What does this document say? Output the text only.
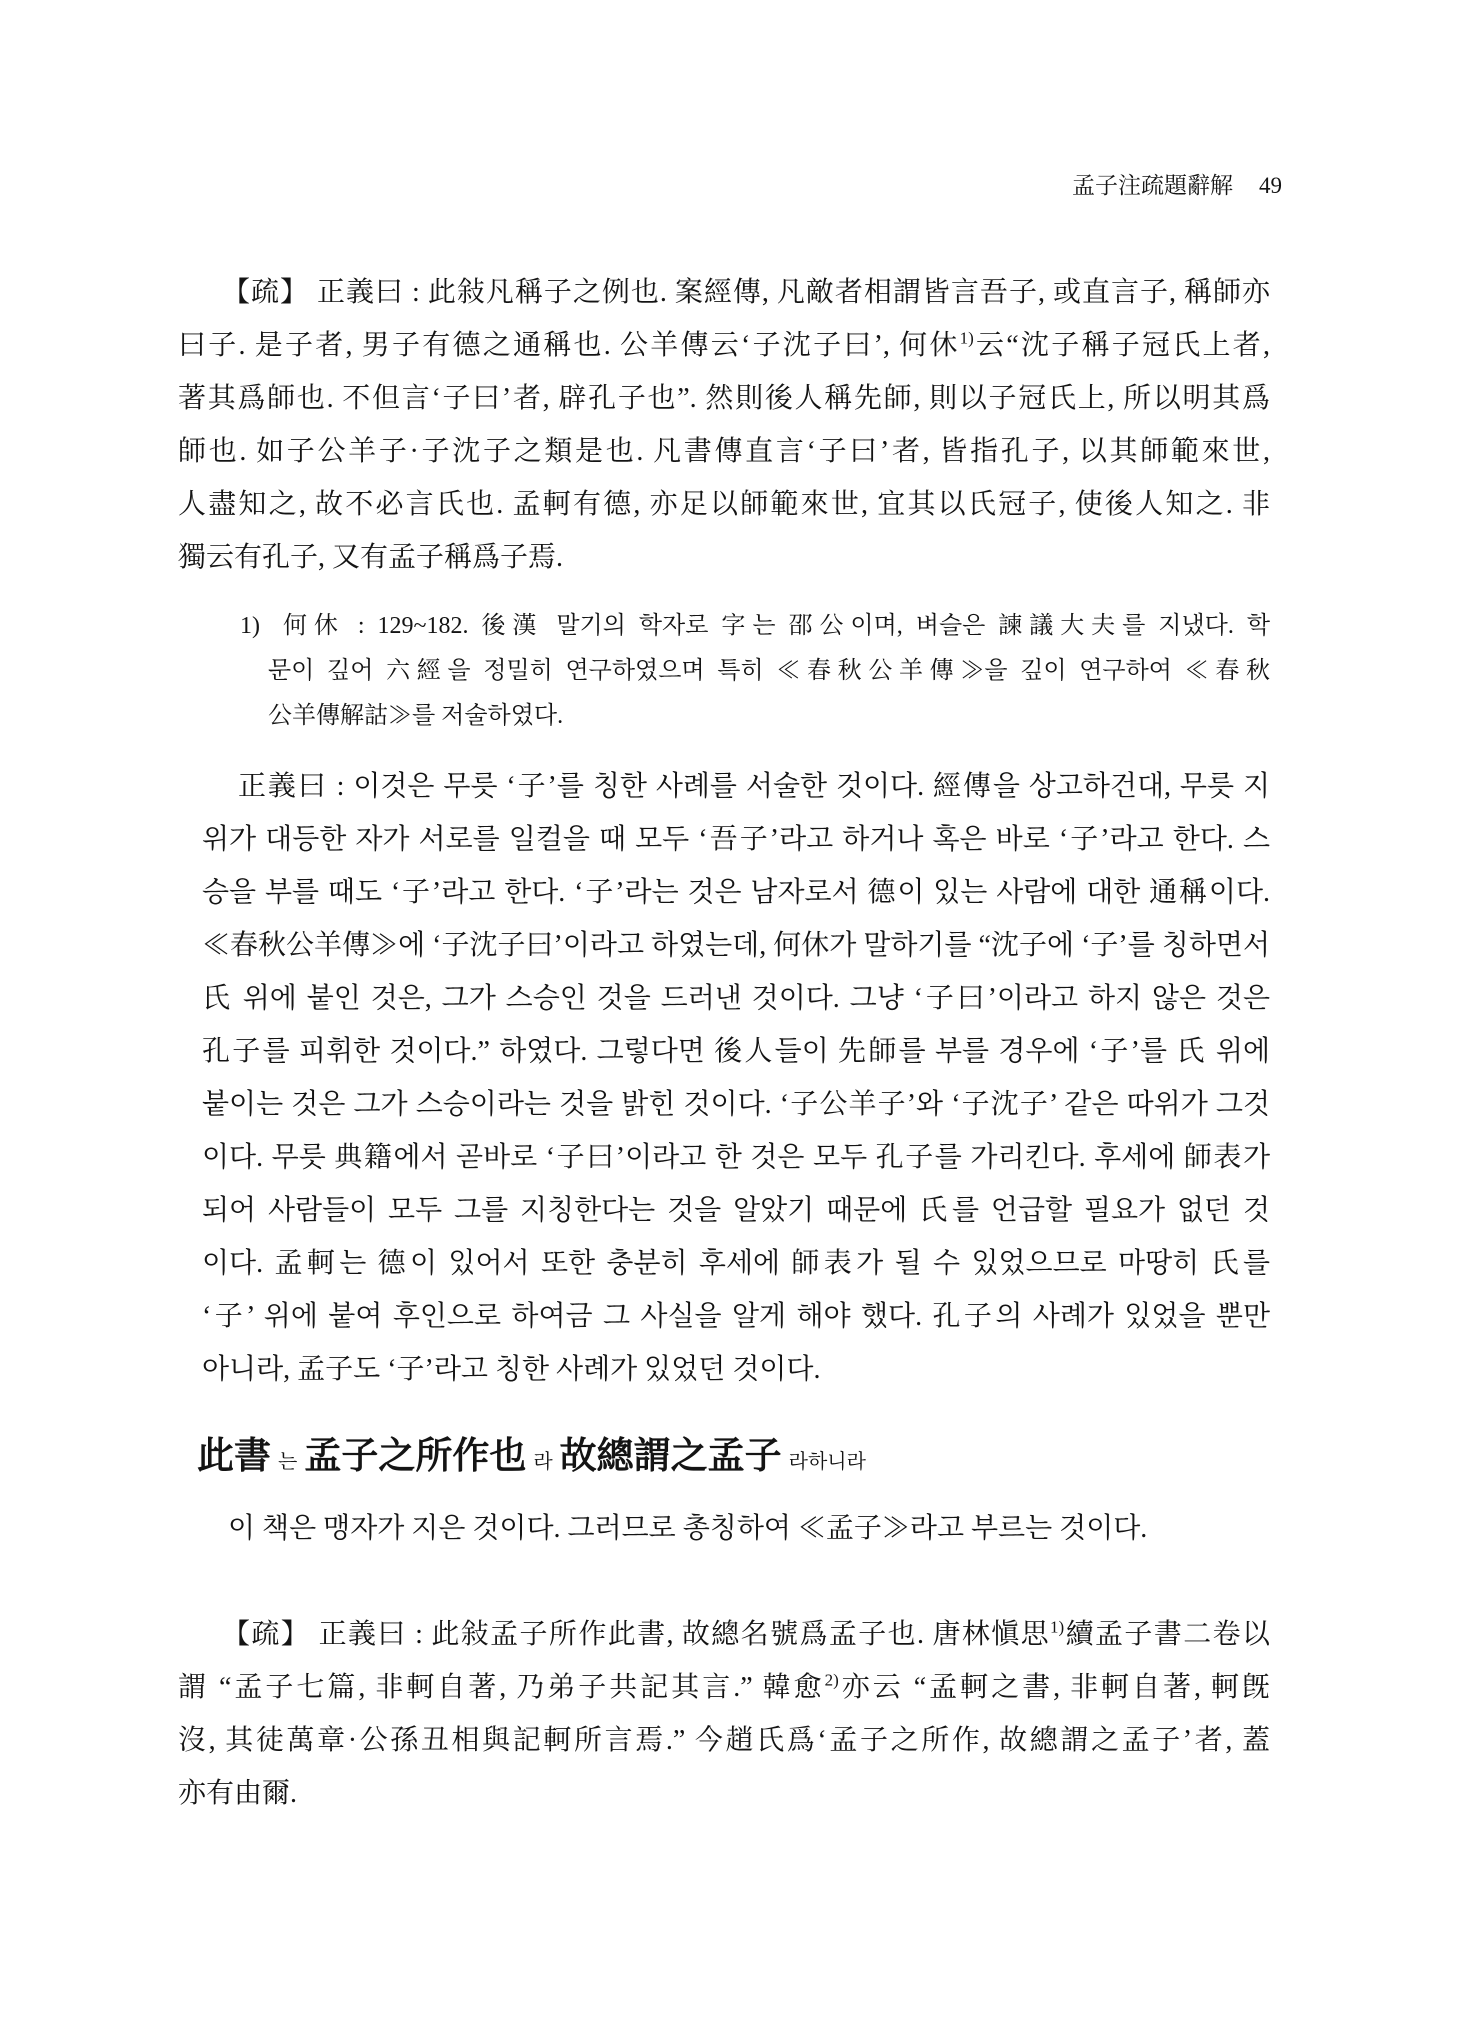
孟子注疏題辭解 49
【疏】 正義曰 : 此敍凡稱子之例也. 案經傳, 凡敵者相謂皆言吾子, 或直言子, 稱師亦
曰子. 是子者, 男子有德之通稱也. 公羊傳云‘子沈子曰’, 何休$^{1)}$云“沈子稱子冠氏上者,
著其爲師也. 不但言‘子曰’者, 辟孔子也”. 然則後人稱先師, 則以子冠氏上, 所以明其爲
師也. 如子公羊子·子沈子之類是也. 凡書傳直言‘子曰’者, 皆指孔子, 以其師範來世,
人盡知之, 故不必言氏也. 孟軻有德, 亦足以師範來世, 宜其以氏冠子, 使後人知之. 非
獨云有孔子, 又有孟子稱爲子焉.
1) 何休 : 129~182. 後漢 말기의 학자로 字는 邵公이며, 벼슬은 諫議大夫를 지냈다. 학
문이 깊어 六經을 정밀히 연구하였으며 특히 ≪春秋公羊傳≫을 깊이 연구하여 ≪春秋
公羊傳解詁≫를 저술하였다.
正義曰 : 이것은 무릇 ‘子’를 칭한 사례를 서술한 것이다. 經傳을 상고하건대, 무릇 지
위가 대등한 자가 서로를 일컬을 때 모두 ‘吾子’라고 하거나 혹은 바로 ‘子’라고 한다. 스
승을 부를 때도 ‘子’라고 한다. ‘子’라는 것은 남자로서 德이 있는 사람에 대한 通稱이다.
≪春秋公羊傳≫에 ‘子沈子曰’이라고 하였는데, 何休가 말하기를 “沈子에 ‘子’를 칭하면서
氏 위에 붙인 것은, 그가 스승인 것을 드러낸 것이다. 그냥 ‘子曰’이라고 하지 않은 것은
孔子를 피휘한 것이다.” 하였다. 그렇다면 後人들이 先師를 부를 경우에 ‘子’를 氏 위에
붙이는 것은 그가 스승이라는 것을 밝힌 것이다. ‘子公羊子’와 ‘子沈子’ 같은 따위가 그것
이다. 무릇 典籍에서 곧바로 ‘子曰’이라고 한 것은 모두 孔子를 가리킨다. 후세에 師表가
되어 사람들이 모두 그를 지칭한다는 것을 알았기 때문에 氏를 언급할 필요가 없던 것
이다. 孟軻는 德이 있어서 또한 충분히 후세에 師表가 될 수 있었으므로 마땅히 氏를
‘子’ 위에 붙여 후인으로 하여금 그 사실을 알게 해야 했다. 孔子의 사례가 있었을 뿐만
아니라, 孟子도 ‘子’라고 칭한 사례가 있었던 것이다.
此書 는 孟子之所作也 라 故總謂之孟子 라하니라
이 책은 맹자가 지은 것이다. 그러므로 총칭하여 ≪孟子≫라고 부르는 것이다.
【疏】 正義曰 : 此敍孟子所作此書, 故總名號爲孟子也. 唐林愼思$^{1)}$續孟子書二卷以
謂 “孟子七篇, 非軻自著, 乃弟子共記其言.” 韓愈$^{2)}$亦云 “孟軻之書, 非軻自著, 軻旣
沒, 其徒萬章·公孫丑相與記軻所言焉.” 今趙氏爲‘孟子之所作, 故總謂之孟子’者, 蓋
亦有由爾.
